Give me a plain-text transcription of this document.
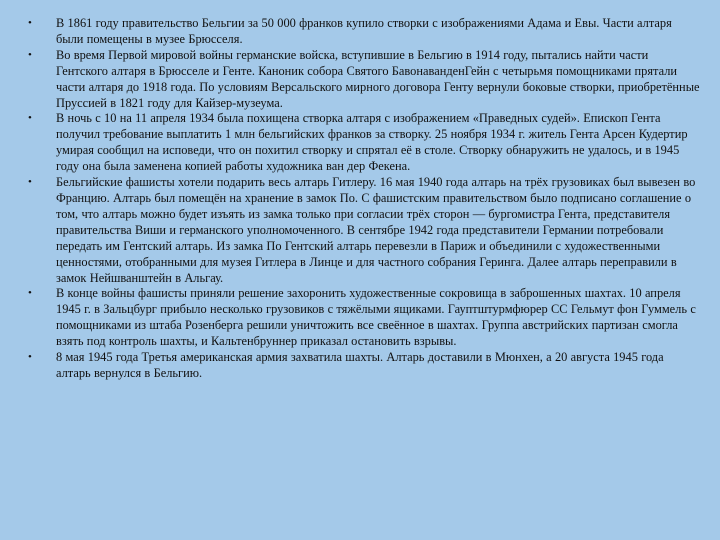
• В 1861 году правительство Бельгии за 50 000 франков купило створки с изображениями Адама и Евы. Части алтаря были помещены в музее Брюсселя.
• Во время Первой мировой войны германские войска, вступившие в Бельгию в 1914 году, пытались найти части Гентского алтаря в Брюсселе и Генте. Каноник собора Святого БавонаванденГейн с четырьмя помощниками прятали части алтаря до 1918 года. По условиям Версальского мирного договора Генту вернули боковые створки, приобретённые Пруссией в 1821 году для Кайзер-музеума.
• В ночь с 10 на 11 апреля 1934 была похищена створка алтаря с изображением «Праведных судей». Епископ Гента получил требование выплатить 1 млн бельгийских франков за створку. 25 ноября 1934 г. житель Гента Арсен Кудертир умирая сообщил на исповеди, что он похитил створку и спрятал её в столе. Створку обнаружить не удалось, и в 1945 году она была заменена копией работы художника ван дер Фекена.
• Бельгийские фашисты хотели подарить весь алтарь Гитлеру. 16 мая 1940 года алтарь на трёх грузовиках был вывезен во Францию. Алтарь был помещён на хранение в замок По. С фашистским правительством было подписано соглашение о том, что алтарь можно будет изъять из замка только при согласии трёх сторон — бургомистра Гента, представителя правительства Виши и германского уполномоченного. В сентябре 1942 года представители Германии потребовали передать им Гентский алтарь. Из замка По Гентский алтарь перевезли в Париж и объединили с художественными ценностями, отобранными для музея Гитлера в Линце и для частного собрания Геринга. Далее алтарь переправили в замок Нейшванштейн в Альгау.
• В конце войны фашисты приняли решение захоронить художественные сокровища в заброшенных шахтах. 10 апреля 1945 г. в Зальцбург прибыло несколько грузовиков с тяжёлыми ящиками. Гауптштурмфюрер СС Гельмут фон Гуммель с помощниками из штаба Розенберга решили уничтожить все свеённое в шахтах. Группа австрийских партизан смогла взять под контроль шахты, и Кальтенбруннер приказал остановить взрывы.
• 8 мая 1945 года Третья американская армия захватила шахты. Алтарь доставили в Мюнхен, а 20 августа 1945 года алтарь вернулся в Бельгию.
